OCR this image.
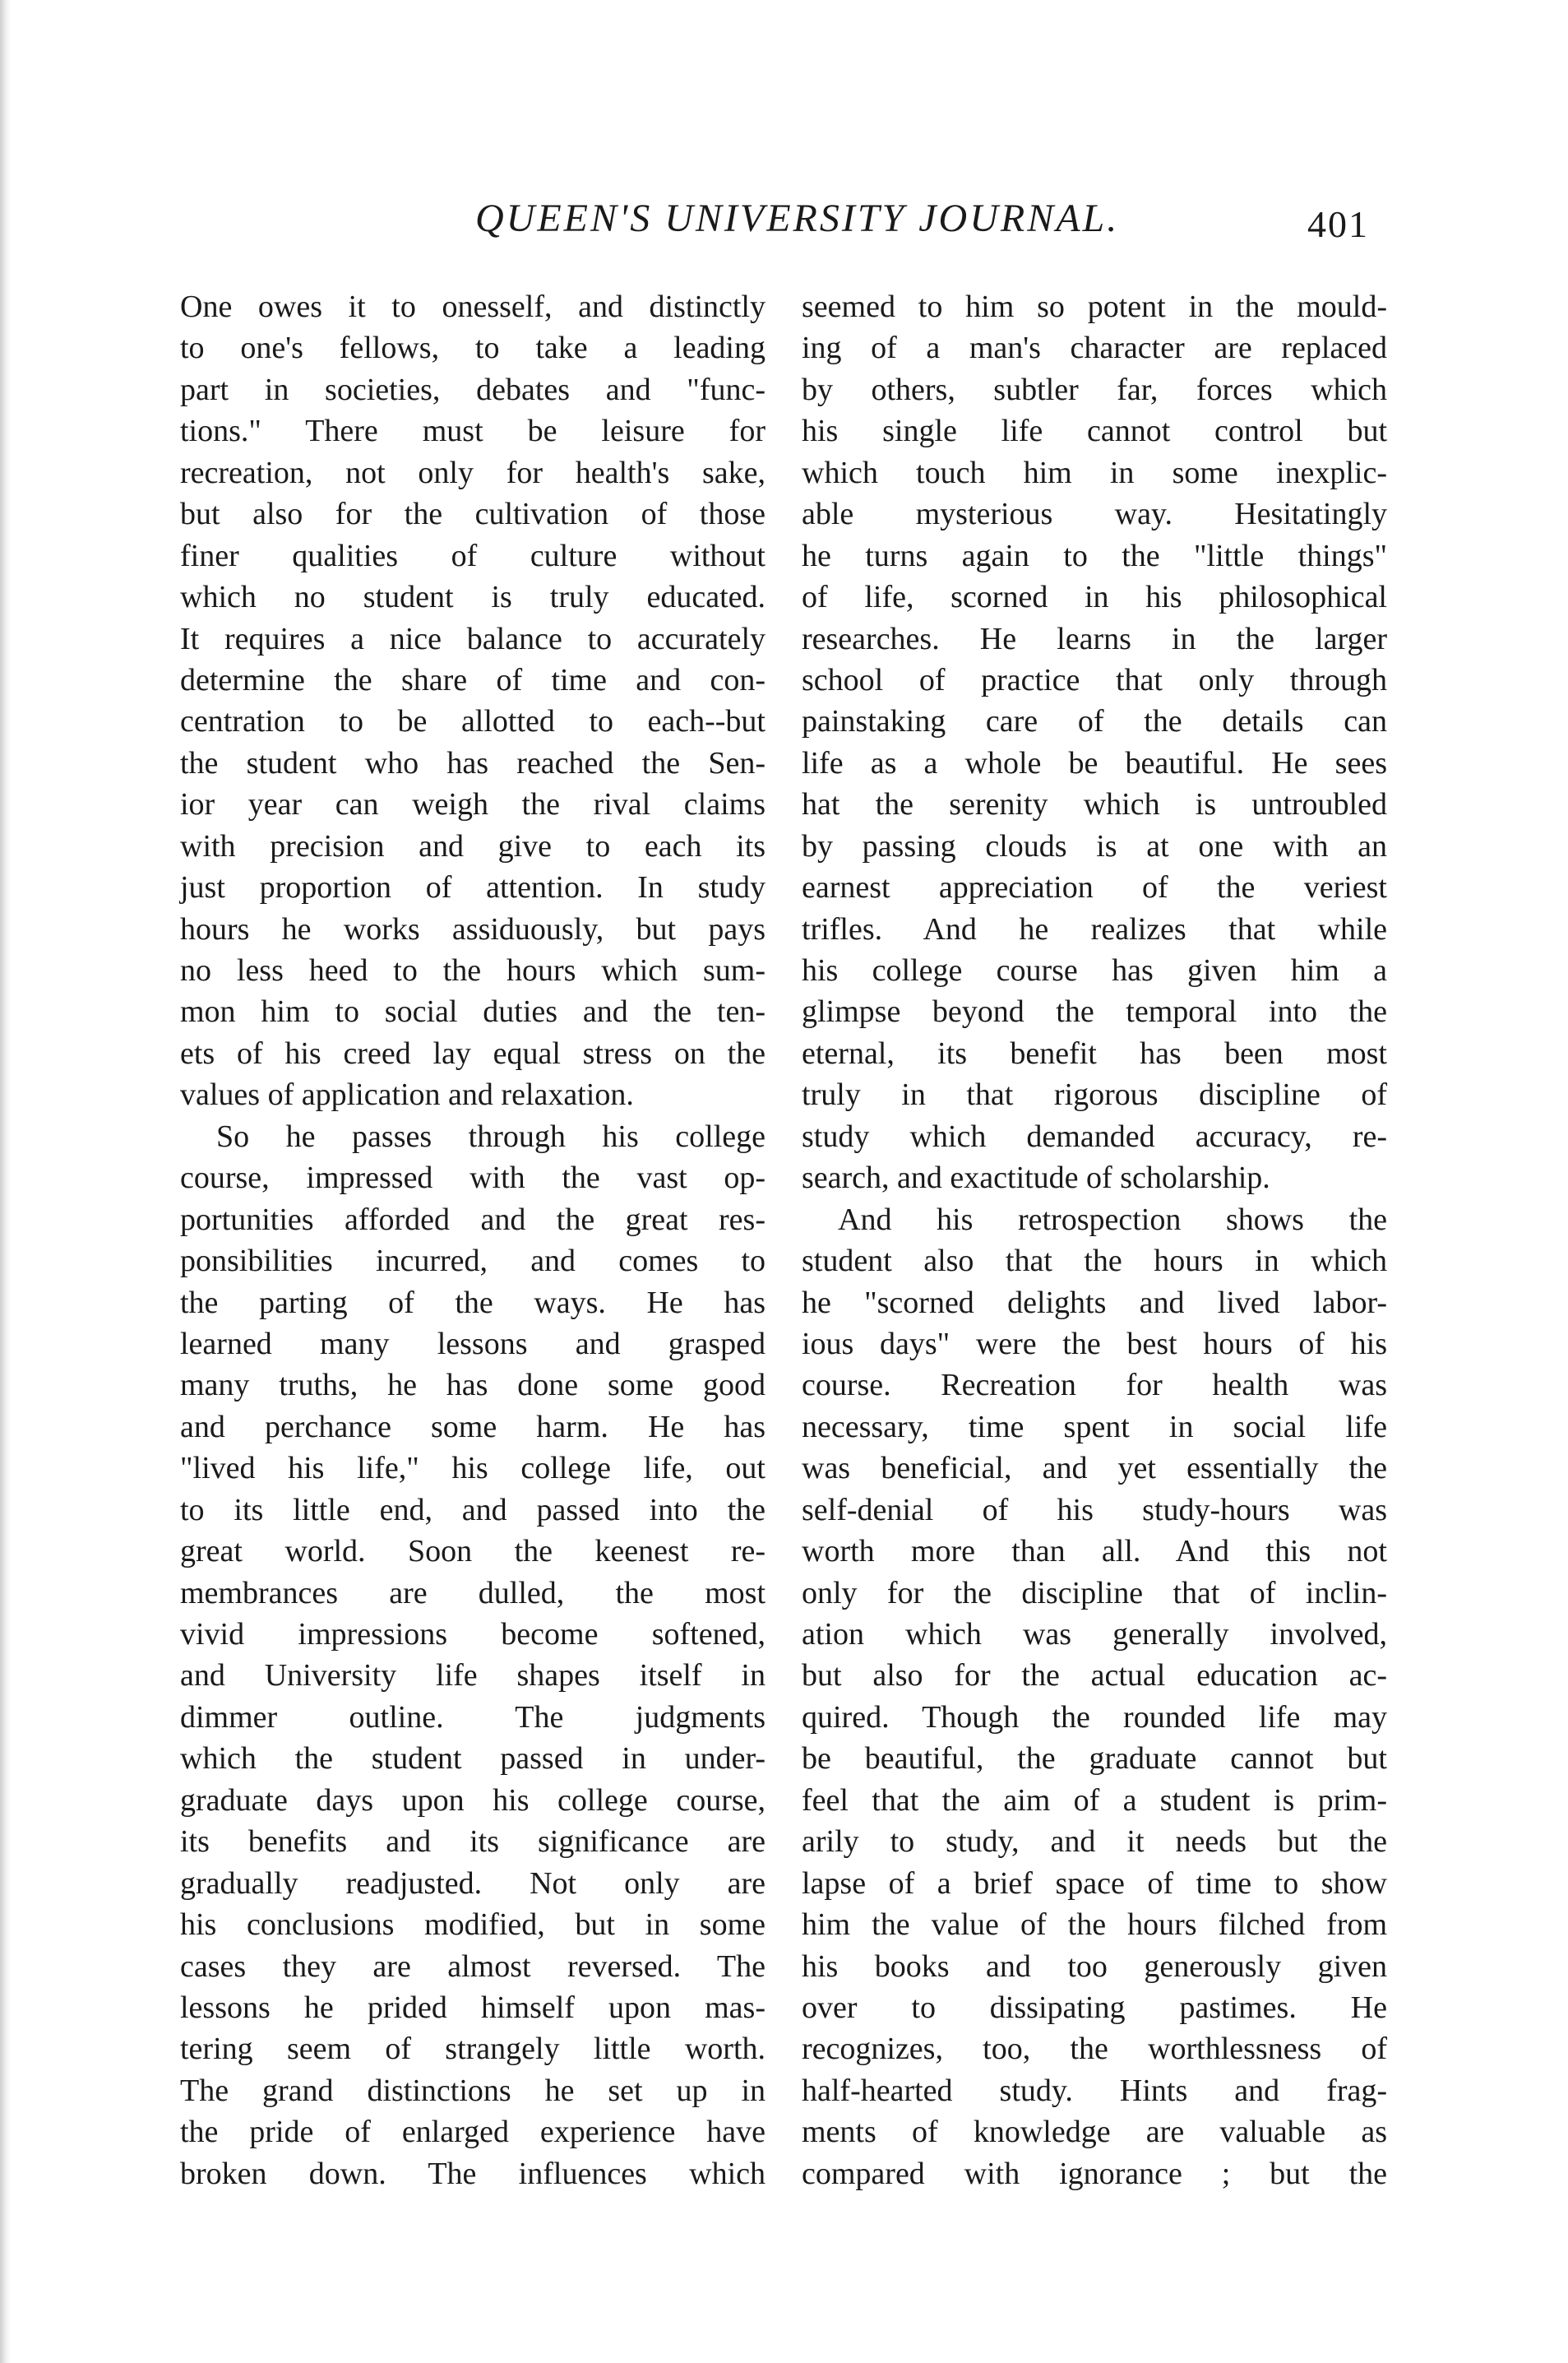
QUEEN'S UNIVERSITY JOURNAL.	401
One owes it to onesself, and distinctly
to one's fellows, to take a leading
part in societies, debates and "func-
tions." There must be leisure for
recreation, not only for health's sake,
but also for the cultivation of those
finer qualities of culture without
which no student is truly educated.
It requires a nice balance to accurately
determine the share of time and con-
centration to be allotted to each--but
the student who has reached the Sen-
ior year can weigh the rival claims
with precision and give to each its
just proportion of attention. In study
hours he works assiduously, but pays
no less heed to the hours which sum-
mon him to social duties and the ten-
ets of his creed lay equal stress on the
values of application and relaxation.
So he passes through his college
course, impressed with the vast op-
portunities afforded and the great res-
ponsibilities incurred, and comes to
the parting of the ways. He has
learned many lessons and grasped
many truths, he has done some good
and perchance some harm. He has
"lived his life," his college life, out
to its little end, and passed into the
great world. Soon the keenest re-
membrances are dulled, the most
vivid impressions become softened,
and University life shapes itself in
dimmer outline. The judgments
which the student passed in under-
graduate days upon his college course,
its benefits and its significance are
gradually readjusted. Not only are
his conclusions modified, but in some
cases they are almost reversed. The
lessons he prided himself upon mas-
tering seem of strangely little worth.
The grand distinctions he set up in
the pride of enlarged experience have
broken down. The influences which
seemed to him so potent in the mould-
ing of a man's character are replaced
by others, subtler far, forces which
his single life cannot control but
which touch him in some inexplic-
able mysterious way. Hesitatingly
he turns again to the "little things"
of life, scorned in his philosophical
researches. He learns in the larger
school of practice that only through
painstaking care of the details can
life as a whole be beautiful. He sees
hat the serenity which is untroubled
by passing clouds is at one with an
earnest appreciation of the veriest
trifles. And he realizes that while
his college course has given him a
glimpse beyond the temporal into the
eternal, its benefit has been most
truly in that rigorous discipline of
study which demanded accuracy, re-
search, and exactitude of scholarship.
And his retrospection shows the
student also that the hours in which
he "scorned delights and lived labor-
ious days" were the best hours of his
course. Recreation for health was
necessary, time spent in social life
was beneficial, and yet essentially the
self-denial of his study-hours was
worth more than all. And this not
only for the discipline that of inclin-
ation which was generally involved,
but also for the actual education ac-
quired. Though the rounded life may
be beautiful, the graduate cannot but
feel that the aim of a student is prim-
arily to study, and it needs but the
lapse of a brief space of time to show
him the value of the hours filched from
his books and too generously given
over to dissipating pastimes. He
recognizes, too, the worthlessness of
half-hearted study. Hints and frag-
ments of knowledge are valuable as
compared with ignorance ; but the
